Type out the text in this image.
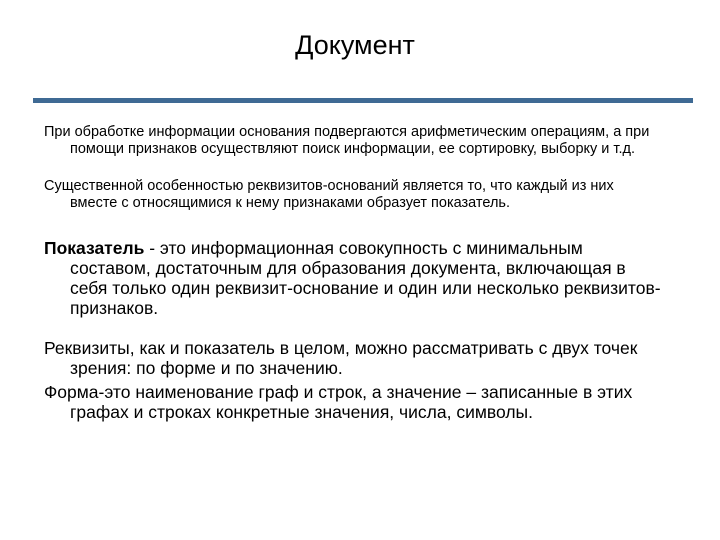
Документ

При обработке информации основания подвергаются арифметическим операциям, а при помощи признаков осуществляют поиск информации, ее сортировку, выборку и т.д.

Существенной особенностью реквизитов-оснований является то, что каждый из них вместе с относящимися к нему признаками образует показатель.

Показатель - это информационная совокупность с минимальным составом, достаточным для образования документа, включающая в себя только один реквизит-основание и один или несколько реквизитов-признаков.

Реквизиты, как и показатель в целом, можно рассматривать с двух точек зрения: по форме и по значению.

Форма-это наименование граф и строк, а значение – записанные в этих графах и строках конкретные значения, числа, символы.
